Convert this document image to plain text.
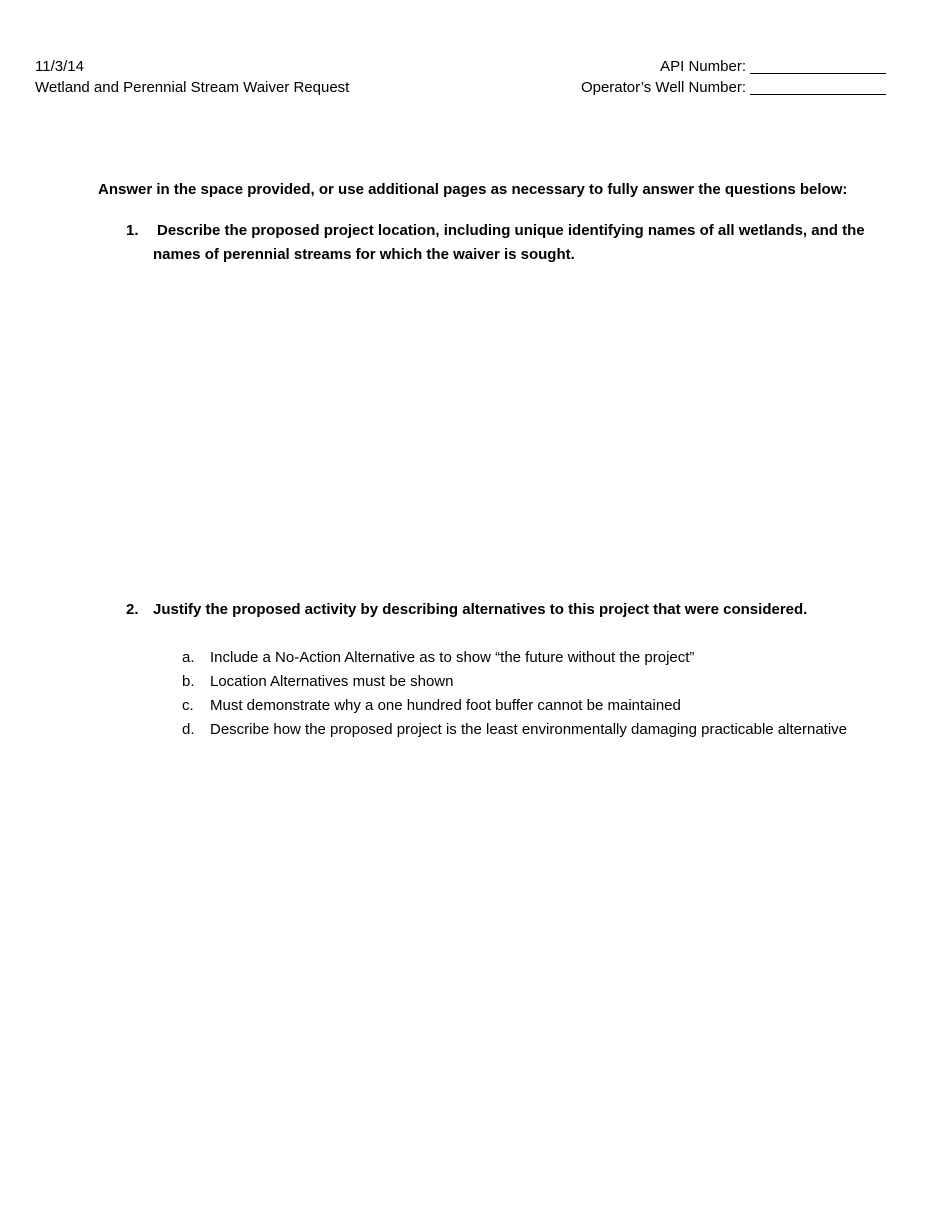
11/3/14
Wetland and Perennial Stream Waiver Request
API Number:
Operator’s Well Number:
Answer in the space provided, or use additional pages as necessary to fully answer the questions below:
1.	Describe the proposed project location, including unique identifying names of all wetlands, and the
names of perennial streams for which the waiver is sought.
2. Justify the proposed activity by describing alternatives to this project that were considered.
a. Include a No-Action Alternative as to show “the future without the project”
b. Location Alternatives must be shown
c. Must demonstrate why a one hundred foot buffer cannot be maintained
d. Describe how the proposed project is the least environmentally damaging practicable alternative
